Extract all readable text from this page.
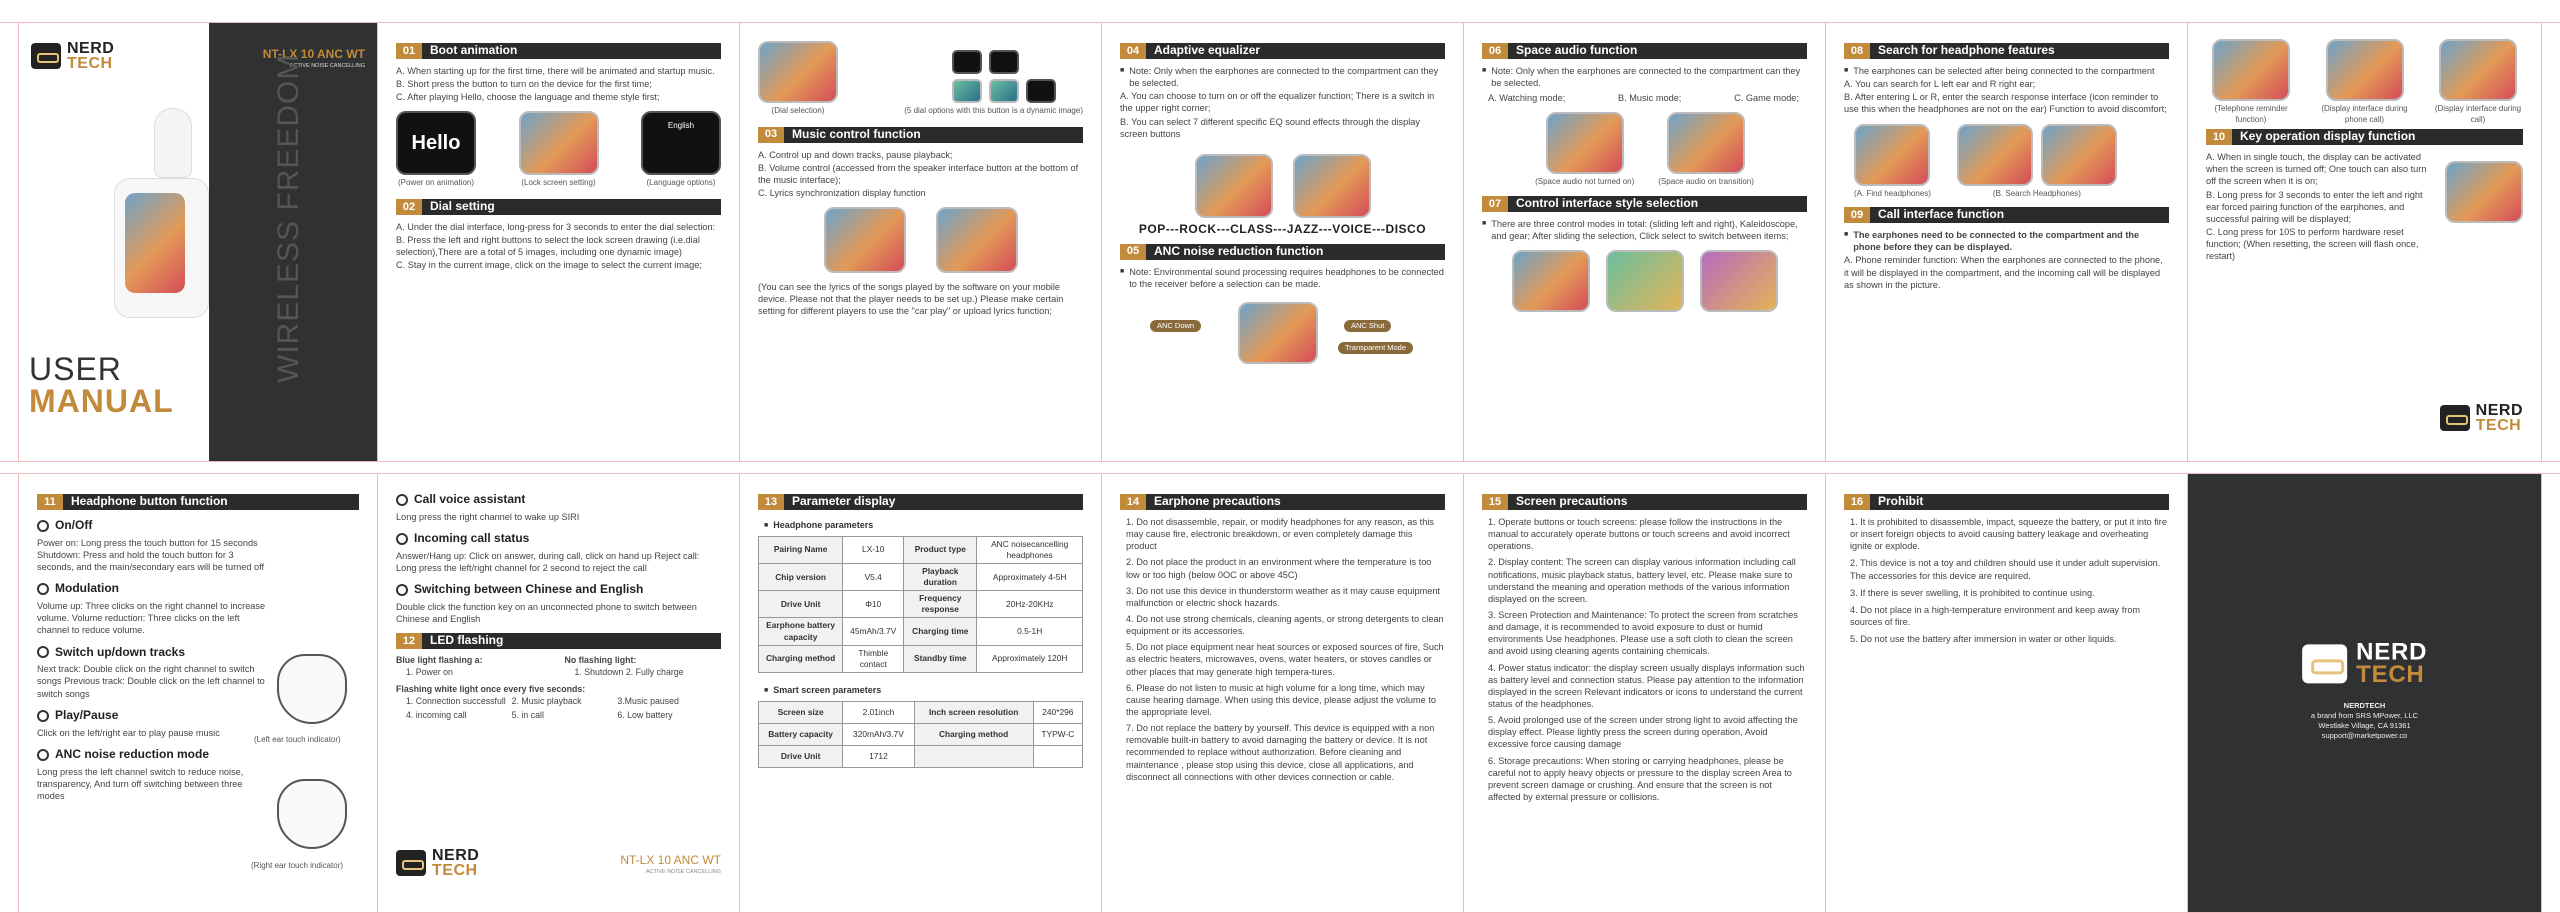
NERD
TECH
USER
MANUAL
NT-LX 10 ANC WT
ACTIVE NOISE CANCELLING
WIRELESS FREEDOM
01	Boot animation

A. When starting up for the first time, there will be animated and startup music.

B. Short press the button to turn on the device for the first time;

C. After playing Hello, choose the language and theme style first;

Hello
(Power on animation)	(Lock screen setting)
English
(Language options)
02	Dial setting

A. Under the dial interface, long-press for 3 seconds to enter the dial selection:

B. Press the left and right buttons to select the lock screen drawing (i.e.dial selection),There are a total of 5 images, including one dynamic image)

C. Stay in the current image, click on the image to select the current image;

(Dial selection)	(5 dial options with this button is a dynamic image)
03	Music control function

A. Control up and down tracks, pause playback;

B. Volume control (accessed from the speaker interface button at the bottom of the music interface);

C. Lyrics synchronization display function

(You can see the lyrics of the songs played by the software on your mobile device. Please not that the player needs to be set up.) Please make certain setting for different players to use the "car play" or upload lyrics function;

04	Adaptive equalizer

■ Note: Only when the earphones are connected to the compartment can they be selected.

A. You can choose to turn on or off the equalizer function; There is a switch in the upper right corner;

B. You can select 7 different specific EQ sound effects through the display screen buttons

POP---ROCK---CLASS---JAZZ---VOICE---DISCO
05	ANC noise reduction function

■ Note: Environmental sound processing requires headphones to be connected to the receiver before a selection can be made.

ANC Down	ANC Shut
Transparent Mode
06	Space audio function

■ Note: Only when the earphones are connected to the compartment can they be selected.

A. Watching mode;	B. Music mode;	C. Game mode;
(Space audio not turned on)	(Space audio on transition)
07	Control interface style selection

■ There are three control modes in total: (sliding left and right), Kaleidoscope, and gear; After sliding the selection, Click select to switch between items;

08	Search for headphone features

■ The earphones can be selected after being connected to the compartment

A. You can search for L left ear and R right ear;

B. After entering L or R, enter the search response interface (icon reminder to use this when the headphones are not on the ear) Function to avoid discomfort;

(A. Find headphones)	(B. Search Headphones)
09	Call interface function

■ The earphones need to be connected to the compartment and the phone before they can be displayed.

A. Phone reminder function: When the earphones are connected to the phone, it will be displayed in the compartment, and the incoming call will be displayed as shown in the picture.

(Telephone reminder function)
(Display interface during phone call)
(Display interface during call)
10	Key operation display function

A. When in single touch, the display can be activated when the screen is turned off; One touch can also turn off the screen when it is on;

B. Long press for 3 seconds to enter the left and right ear forced pairing function of the earphones, and successful pairing will be displayed;

C. Long press for 10S to perform hardware reset function; (When resetting, the screen will flash once, restart)

NERD
TECH
11	Headphone button function
On/Off

Power on: Long press the touch button for 15 seconds Shutdown: Press and hold the touch button for 3 seconds, and the main/secondary ears will be turned off

Modulation

Volume up: Three clicks on the right channel to increase volume. Volume reduction: Three clicks on the left channel to reduce volume.

Switch up/down tracks

Next track: Double click on the right channel to switch songs Previous track: Double click on the left channel to switch songs

Play/Pause

Click on the left/right ear to play pause music

ANC noise reduction mode

Long press the left channel switch to reduce noise, transparency, And turn off switching between three modes

(Left ear touch indicator)
(Right ear touch indicator)
Call voice assistant

Long press the right channel to wake up SIRI

Incoming call status

Answer/Hang up: Click on answer, during call, click on hand up Reject call: Long press the left/right channel for 2 second to reject the call

Switching between Chinese and English

Double click the function key on an unconnected phone to switch between Chinese and English

12	LED flashing
Blue light flashing a:
1. Power on
No flashing light:
1. Shutdown 2. Fully charge
Flashing white light once every five seconds:
1. Connection successfull 2. Music playback	3.Music paused
4. incoming call	5. in call	6. Low battery
NERD
TECH
NT-LX 10 ANC WT
ACTIVE NOISE CANCELLING
13	Parameter display
■ Headphone parameters
Pairing Name	LX-10	Product type	ANC noisecancelling headphones
Chip version	V5.4	Playback duration	Approximately 4-5H
Drive Unit	Φ10	Frequency response	20Hz-20KHz
Earphone battery capacity	45mAh/3.7V	Charging time	0.5-1H
Charging method	Thimble contact	Standby time	Approximately 120H
■ Smart screen parameters
Screen size	2.01inch	Inch screen resolution	240*296
Battery capacity	320mAh/3.7V	Charging method	TYPW-C
Drive Unit	1712		
14	Earphone precautions

1. Do not disassemble, repair, or modify headphones for any reason, as this may cause fire, electronic breakdown, or even completely damage this product

2. Do not place the product in an environment where the temperature is too low or too high (below 0OC or above 45C)

3. Do not use this device in thunderstorm weather as it may cause equipment malfunction or electric shock hazards.

4. Do not use strong chemicals, cleaning agents, or strong detergents to clean equipment or its accessories.

5. Do not place equipment near heat sources or exposed sources of fire, Such as electric heaters, microwaves, ovens, water heaters, or stoves candles or other places that may generate high tempera-tures.

6. Please do not listen to music at high volume for a long time, which may cause hearing damage. When using this device, please adjust the volume to the appropriate level.

7. Do not replace the battery by yourself. This device is equipped with a non removable built-in battery to avoid damaging the battery or device. It is not recommended to replace without authorization. Before cleaning and maintenance , please stop using this device, close all applications, and disconnect all connections with other devices connection or cable.

15	Screen precautions

1. Operate buttons or touch screens: please follow the instructions in the manual to accurately operate buttons or touch screens and avoid incorrect operations.

2. Display content: The screen can display various information including call notifications, music playback status, battery level, etc. Please make sure to understand the meaning and operation methods of the various information displayed on the screen.

3. Screen Protection and Maintenance: To protect the screen from scratches and damage, it is recommended to avoid exposure to dust or humid environments Use headphones. Please use a soft cloth to clean the screen and avoid using cleaning agents containing chemicals.

4. Power status indicator: the display screen usually displays information such as battery level and connection status. Please pay attention to the information displayed in the screen Relevant indicators or icons to understand the current status of the headphones.

5. Avoid prolonged use of the screen under strong light to avoid affecting the display effect. Please lightly press the screen during operation, Avoid excessive force causing damage

6. Storage precautions: When storing or carrying headphones, please be careful not to apply heavy objects or pressure to the display screen Area to prevent screen damage or crushing. And ensure that the screen is not affected by external pressure or collisions.

16	Prohibit

1. It is prohibited to disassemble, impact, squeeze the battery, or put it into fire or insert foreign objects to avoid causing battery leakage and overheating ignite or explode.

2. This device is not a toy and children should use it under adult supervision. The accessories for this device are required.

3. If there is sever swelling, it is prohibited to continue using.

4. Do not place in a high-temperature environment and keep away from sources of fire.

5. Do not use the battery after immersion in water or other liquids.

NERD
TECH
NERDTECH
a brand from SRS MPower, LLC
Westlake Village, CA 91361
support@marketpower.co
